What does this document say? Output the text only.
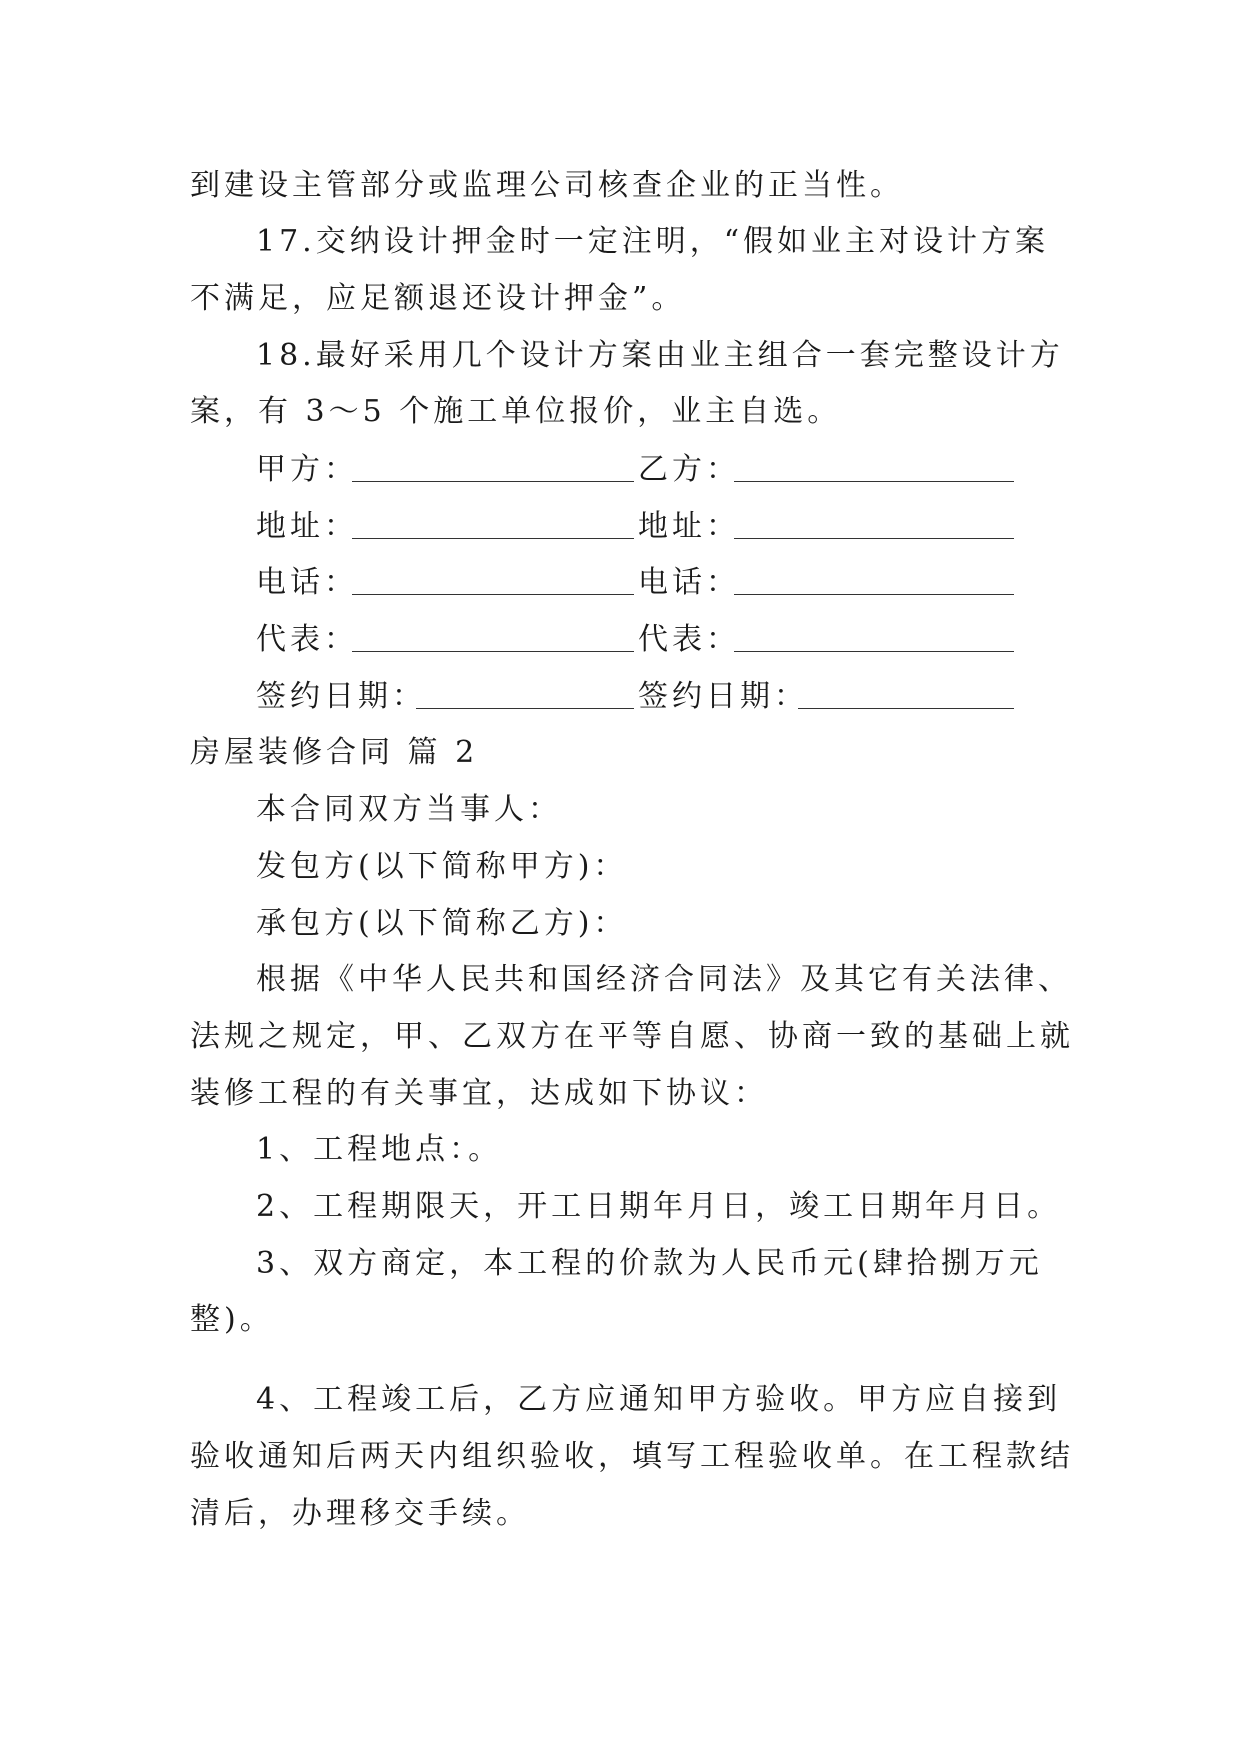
到建设主管部分或监理公司核查企业的正当性。
17.交纳设计押金时一定注明，“假如业主对设计方案
不满足，应足额退还设计押金”。
18.最好采用几个设计方案由业主组合一套完整设计方
案，有 3～5 个施工单位报价，业主自选。
甲方：	乙方：
地址：	地址：
电话：	电话：
代表：	代表：
签约日期：	签约日期：
房屋装修合同 篇 2
本合同双方当事人：
发包方(以下简称甲方)：
承包方(以下简称乙方)：
根据《中华人民共和国经济合同法》及其它有关法律、
法规之规定，甲、乙双方在平等自愿、协商一致的基础上就
装修工程的有关事宜，达成如下协议：
1、工程地点：。
2、工程期限天，开工日期年月日，竣工日期年月日。
3、双方商定，本工程的价款为人民币元(肆拾捌万元
整)。
4、工程竣工后，乙方应通知甲方验收。甲方应自接到
验收通知后两天内组织验收，填写工程验收单。在工程款结
清后，办理移交手续。
